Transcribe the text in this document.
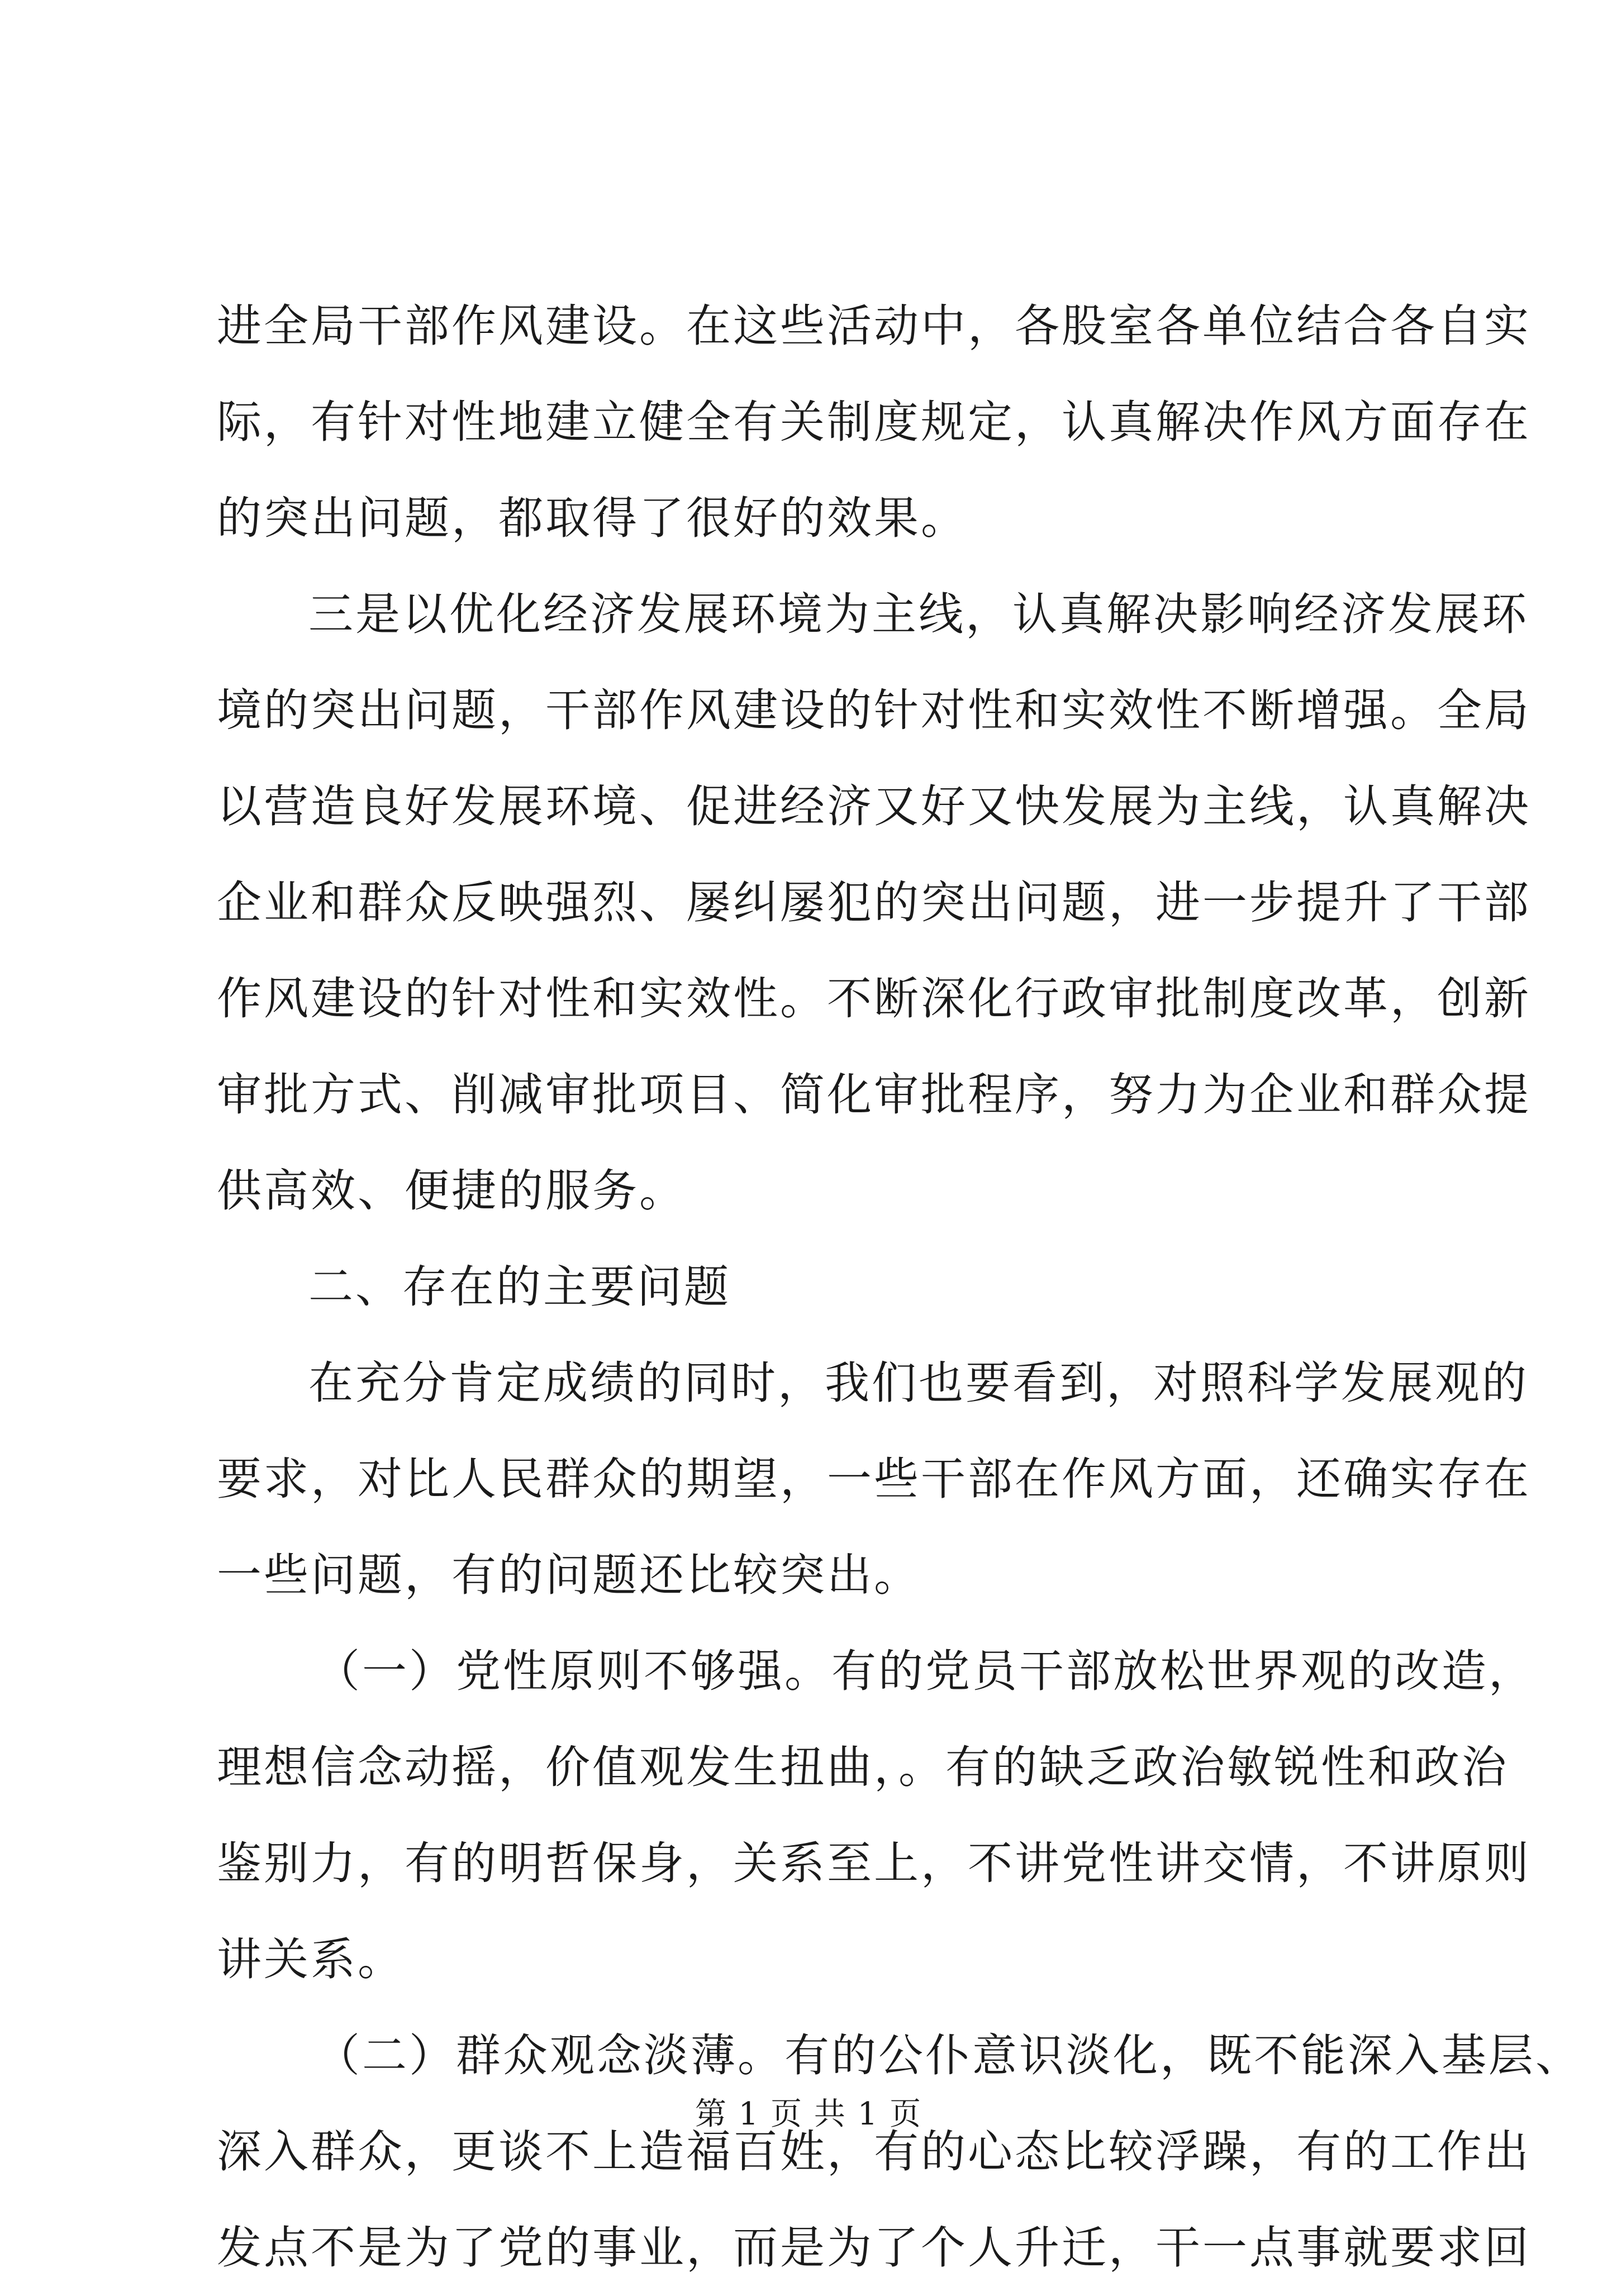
进全局干部作风建设。在这些活动中，各股室各单位结合各自实
际，有针对性地建立健全有关制度规定，认真解决作风方面存在
的突出问题，都取得了很好的效果。
三是以优化经济发展环境为主线，认真解决影响经济发展环
境的突出问题，干部作风建设的针对性和实效性不断增强。全局
以营造良好发展环境、促进经济又好又快发展为主线，认真解决
企业和群众反映强烈、屡纠屡犯的突出问题，进一步提升了干部
作风建设的针对性和实效性。不断深化行政审批制度改革，创新
审批方式、削减审批项目、简化审批程序，努力为企业和群众提
供高效、便捷的服务。
二、存在的主要问题
在充分肯定成绩的同时，我们也要看到，对照科学发展观的
要求，对比人民群众的期望，一些干部在作风方面，还确实存在
一些问题，有的问题还比较突出。
（一）党性原则不够强。有的党员干部放松世界观的改造，
理想信念动摇，价值观发生扭曲，。有的缺乏政治敏锐性和政治
鉴别力，有的明哲保身，关系至上，不讲党性讲交情，不讲原则
讲关系。
（二）群众观念淡薄。有的公仆意识淡化，既不能深入基层、
深入群众，更谈不上造福百姓，有的心态比较浮躁，有的工作出
发点不是为了党的事业，而是为了个人升迁，干一点事就要求回
第 1 页 共 1 页
